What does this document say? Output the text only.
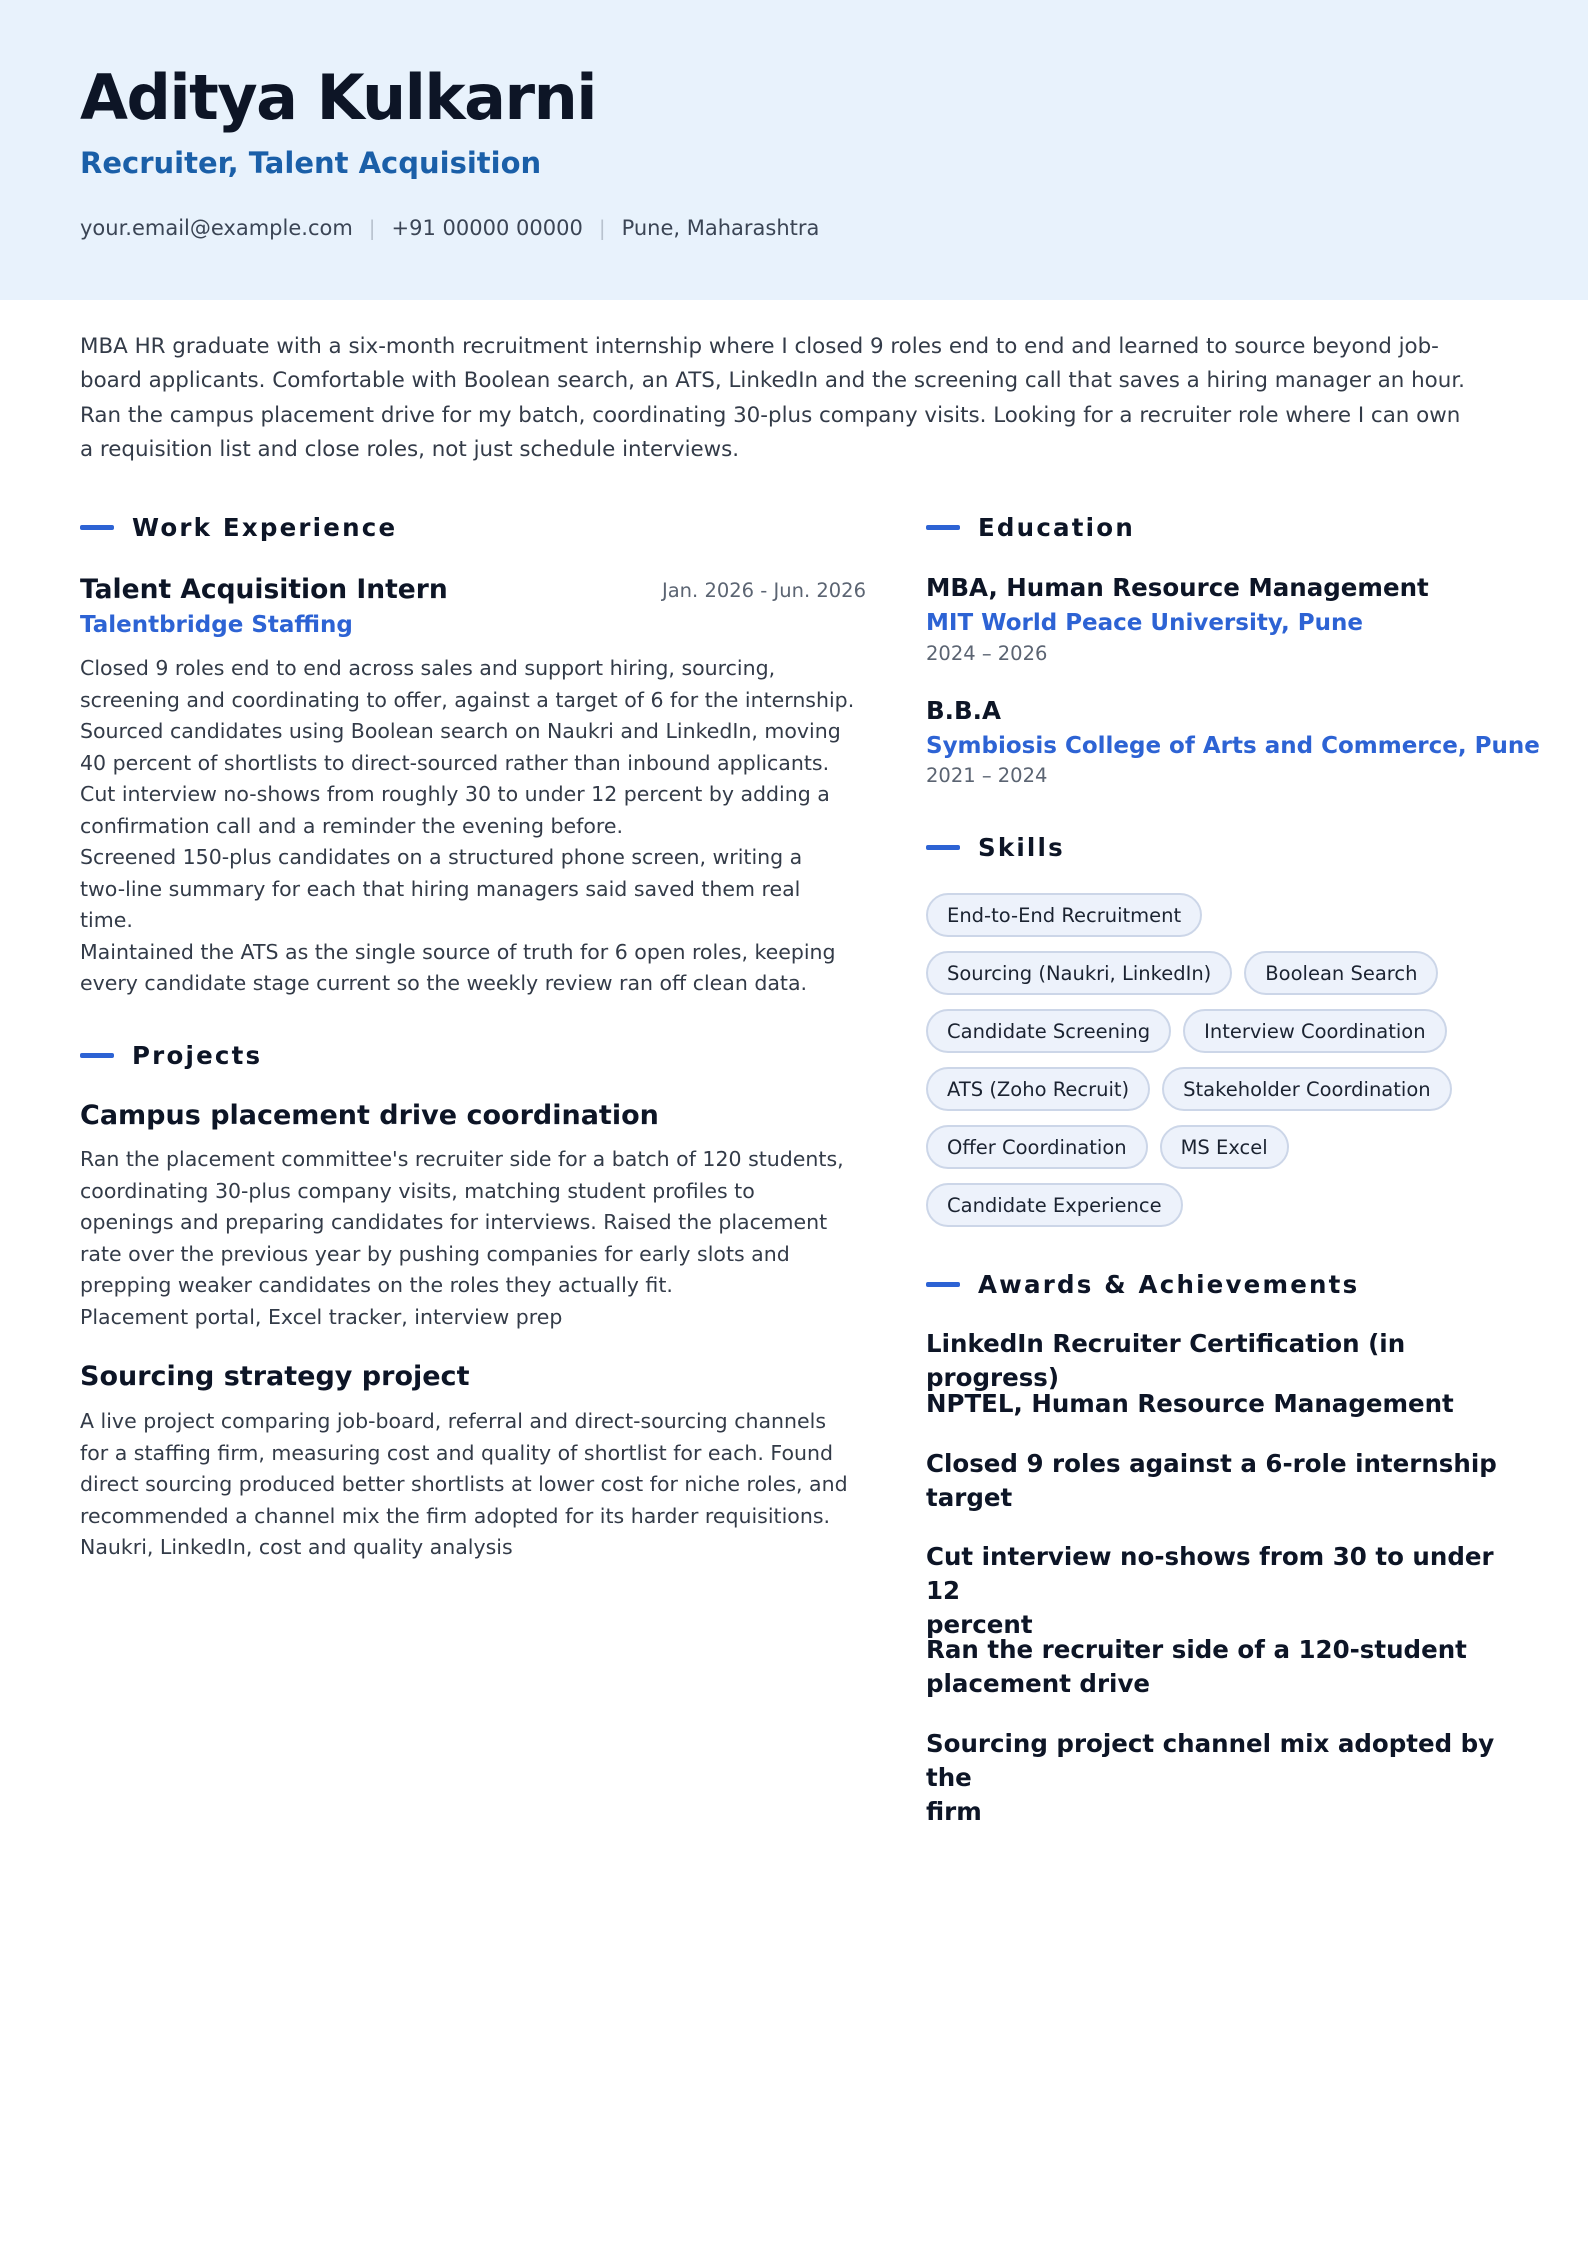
Aditya Kulkarni
Recruiter, Talent Acquisition
your.email@example.com | +91 00000 00000 | Pune, Maharashtra
MBA HR graduate with a six-month recruitment internship where I closed 9 roles end to end and learned to source beyond job-
board applicants. Comfortable with Boolean search, an ATS, LinkedIn and the screening call that saves a hiring manager an hour.
Ran the campus placement drive for my batch, coordinating 30-plus company visits. Looking for a recruiter role where I can own
a requisition list and close roles, not just schedule interviews.
Work Experience
Talent Acquisition Intern	Jan. 2026 - Jun. 2026
Talentbridge Staffing
Closed 9 roles end to end across sales and support hiring, sourcing,
screening and coordinating to offer, against a target of 6 for the internship.
Sourced candidates using Boolean search on Naukri and LinkedIn, moving
40 percent of shortlists to direct-sourced rather than inbound applicants.
Cut interview no-shows from roughly 30 to under 12 percent by adding a
confirmation call and a reminder the evening before.
Screened 150-plus candidates on a structured phone screen, writing a
two-line summary for each that hiring managers said saved them real
time.
Maintained the ATS as the single source of truth for 6 open roles, keeping
every candidate stage current so the weekly review ran off clean data.
Projects
Campus placement drive coordination
Ran the placement committee's recruiter side for a batch of 120 students,
coordinating 30-plus company visits, matching student profiles to
openings and preparing candidates for interviews. Raised the placement
rate over the previous year by pushing companies for early slots and
prepping weaker candidates on the roles they actually fit.
Placement portal, Excel tracker, interview prep
Sourcing strategy project
A live project comparing job-board, referral and direct-sourcing channels
for a staffing firm, measuring cost and quality of shortlist for each. Found
direct sourcing produced better shortlists at lower cost for niche roles, and
recommended a channel mix the firm adopted for its harder requisitions.
Naukri, LinkedIn, cost and quality analysis
Education
MBA, Human Resource Management
MIT World Peace University, Pune
2024 – 2026
B.B.A
Symbiosis College of Arts and Commerce, Pune
2021 – 2024
Skills
End-to-End Recruitment
Sourcing (Naukri, LinkedIn)	Boolean Search
Candidate Screening	Interview Coordination
ATS (Zoho Recruit)	Stakeholder Coordination
Offer Coordination	MS Excel
Candidate Experience
Awards & Achievements
LinkedIn Recruiter Certification (in progress)
NPTEL, Human Resource Management
Closed 9 roles against a 6-role internship
target
Cut interview no-shows from 30 to under 12
percent
Ran the recruiter side of a 120-student
placement drive
Sourcing project channel mix adopted by the
firm
